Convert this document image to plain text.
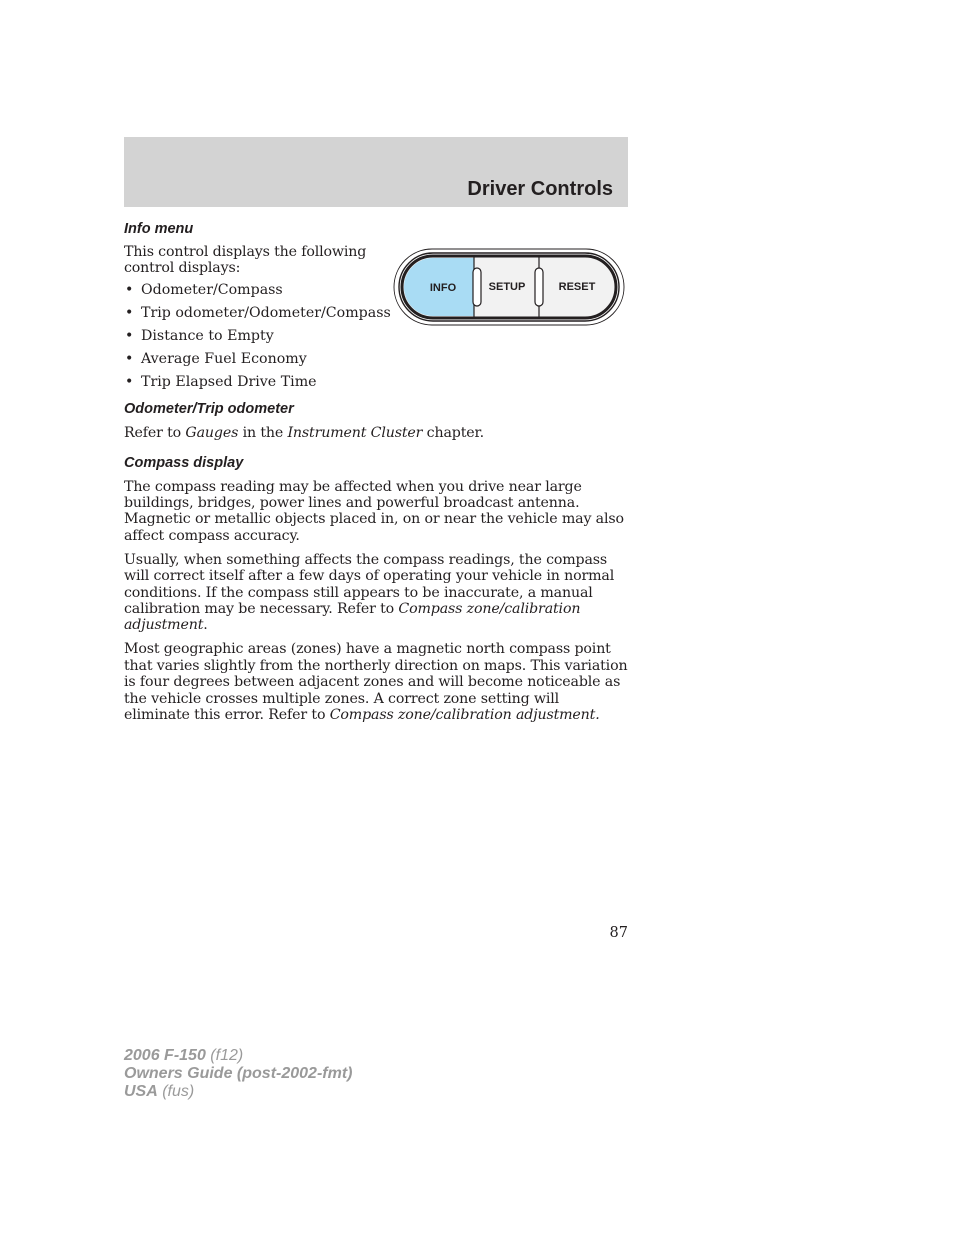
Driver Controls
Info menu

This control displays the following control displays:

• Odometer/Compass
• Trip odometer/Odometer/Compass
• Distance to Empty
• Average Fuel Economy
• Trip Elapsed Drive Time
Odometer/Trip odometer

Refer to Gauges in the Instrument Cluster chapter.

Compass display

The compass reading may be affected when you drive near large buildings, bridges, power lines and powerful broadcast antenna. Magnetic or metallic objects placed in, on or near the vehicle may also affect compass accuracy.

Usually, when something affects the compass readings, the compass will correct itself after a few days of operating your vehicle in normal conditions. If the compass still appears to be inaccurate, a manual calibration may be necessary. Refer to Compass zone/calibration adjustment.

Most geographic areas (zones) have a magnetic north compass point that varies slightly from the northerly direction on maps. This variation is four degrees between adjacent zones and will become noticeable as the vehicle crosses multiple zones. A correct zone setting will eliminate this error. Refer to Compass zone/calibration adjustment.

INFO	SETUP	RESET
87
2006 F-150 (f12)
Owners Guide (post-2002-fmt)
USA (fus)
